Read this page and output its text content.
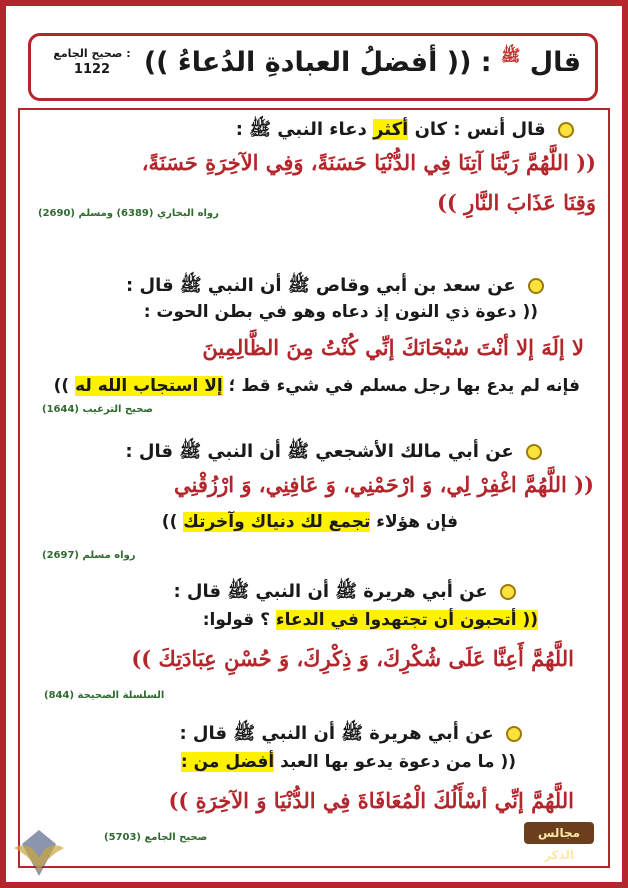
قال $^ﷺ$ : (( أفضلُ العبادةِ الدُعاءُ ))
صحيح الجامع :
1122
قال أنس : كان أكثر دعاء النبي ﷺ :
(( اللَّهُمَّ رَبَّنَا آتِنَا فِي الدُّنْيَا حَسَنَةً، وَفِي الآخِرَةِ حَسَنَةً،
وَقِنَا عَذَابَ النَّارِ ))
رواه البخاري (6389) ومسلم (2690)
عن سعد بن أبي وقاص ﷺ أن النبي ﷺ قال :
(( دعوة ذي النون إذ دعاه وهو في بطن الحوت :
لا إلَهَ إلا أنْتَ سُبْحَانَكَ إنِّي كُنْتُ مِنَ الظَّالِمِينَ
فإنه لم يدع بها رجل مسلم في شيء قط ؛ إلا استجاب الله له ))
صحيح الترغيب (1644)
عن أبي مالك الأشجعي ﷺ أن النبي ﷺ قال :
(( اللَّهُمَّ اغْفِرْ لِي، وَ ارْحَمْنِي، وَ عَافِنِي، وَ ارْزُقْنِي
فإن هؤلاء تجمع لك دنياك وآخرتك ))
رواه مسلم (2697)
عن أبي هريرة ﷺ أن النبي ﷺ قال :
(( أتحبون أن تجتهدوا في الدعاء ؟ قولوا:
اللَّهُمَّ أَعِنَّا عَلَى شُكْرِكَ، وَ ذِكْرِكَ، وَ حُسْنِ عِبَادَتِكَ ))
السلسلة الصحيحة (844)
عن أبي هريرة ﷺ أن النبي ﷺ قال :
(( ما من دعوة يدعو بها العبد أفضل من :
اللَّهُمَّ إنِّي أسْأَلُكَ الْمُعَافَاةَ فِي الدُّنْيَا وَ الآخِرَةِ ))
صحيح الجامع (5703)	مجالس الذكر
